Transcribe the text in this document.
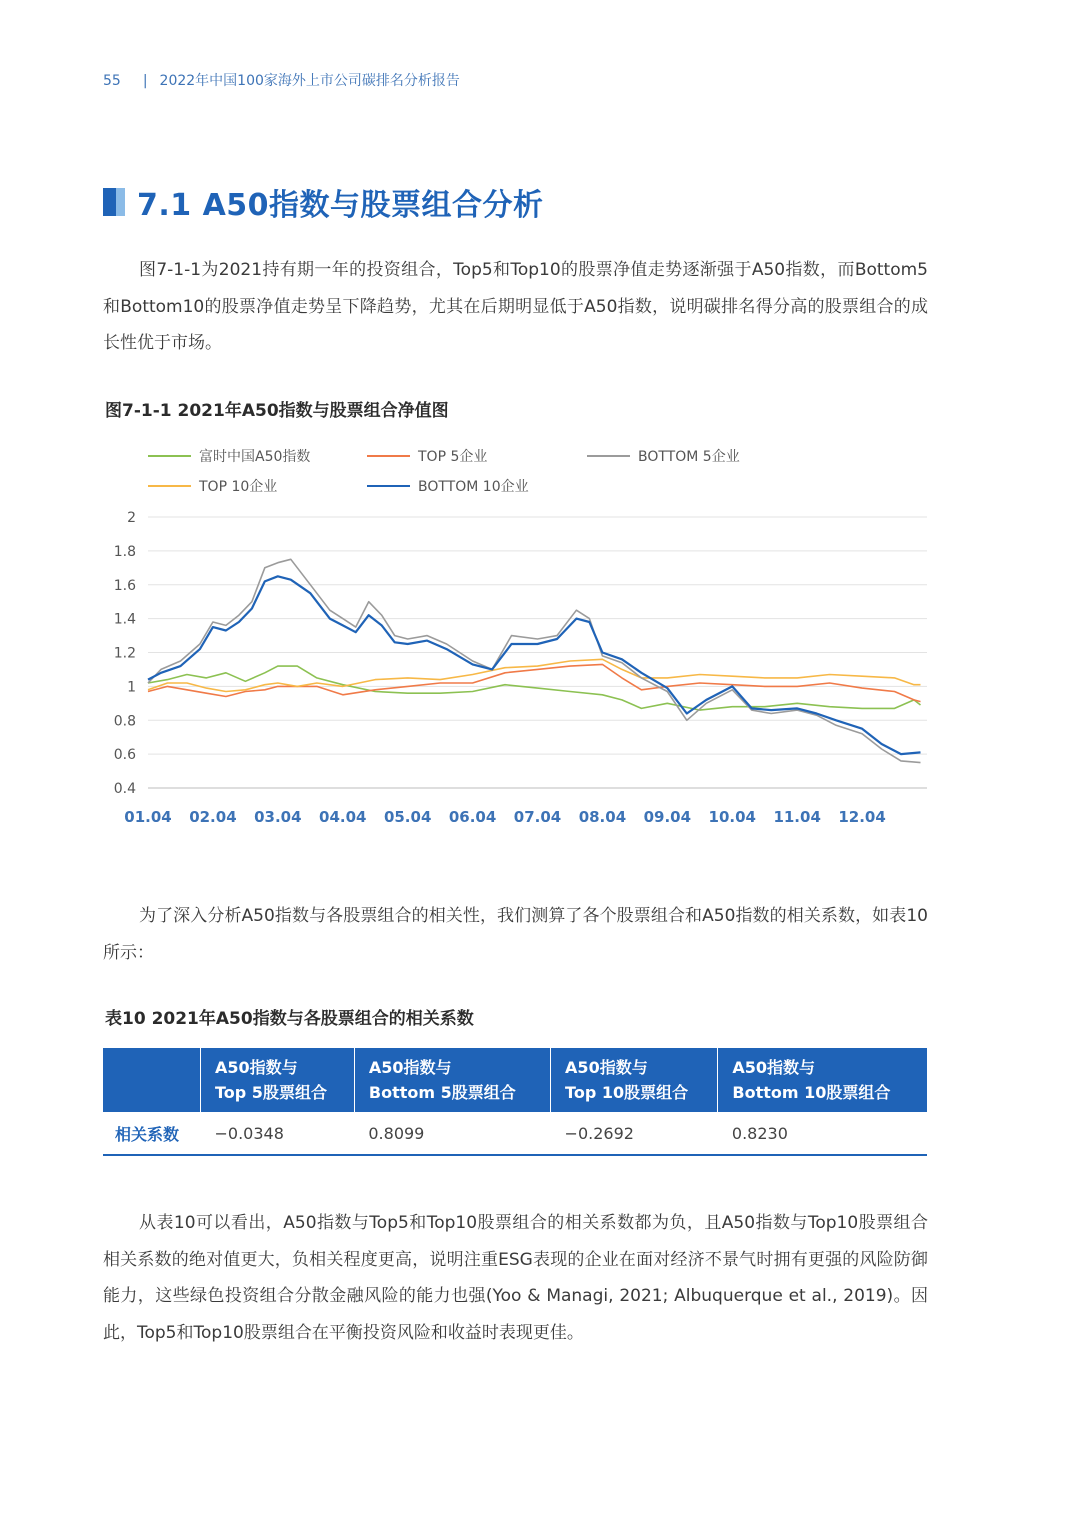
55 | 2022年中国100家海外上市公司碳排名分析报告
7.1 A50指数与股票组合分析
图7-1-1为2021持有期一年的投资组合，Top5和Top10的股票净值走势逐渐强于A50指数，而Bottom5和Bottom10的股票净值走势呈下降趋势，尤其在后期明显低于A50指数，说明碳排名得分高的股票组合的成长性优于市场。
图7-1-1 2021年A50指数与股票组合净值图
富时中国A50指数	TOP 5企业	BOTTOM 5企业
TOP 10企业	BOTTOM 10企业
2
1.8
1.6
1.4
1.2
1
0.8
0.6
0.4
01.04 02.04 03.04 04.04 05.04 06.04 07.04 08.04 09.04 10.04 11.04 12.04
为了深入分析A50指数与各股票组合的相关性，我们测算了各个股票组合和A50指数的相关系数，如表10所示：
表10 2021年A50指数与各股票组合的相关系数

	A50指数与
Top 5股票组合	A50指数与
Bottom 5股票组合	A50指数与
Top 10股票组合	A50指数与
Bottom 10股票组合

相关系数	−0.0348	0.8099	−0.2692	0.8230
从表10可以看出，A50指数与Top5和Top10股票组合的相关系数都为负，且A50指数与Top10股票组合相关系数的绝对值更大，负相关程度更高，说明注重ESG表现的企业在面对经济不景气时拥有更强的风险防御能力，这些绿色投资组合分散金融风险的能力也强(Yoo & Managi, 2021; Albuquerque et al., 2019)。因此，Top5和Top10股票组合在平衡投资风险和收益时表现更佳。
